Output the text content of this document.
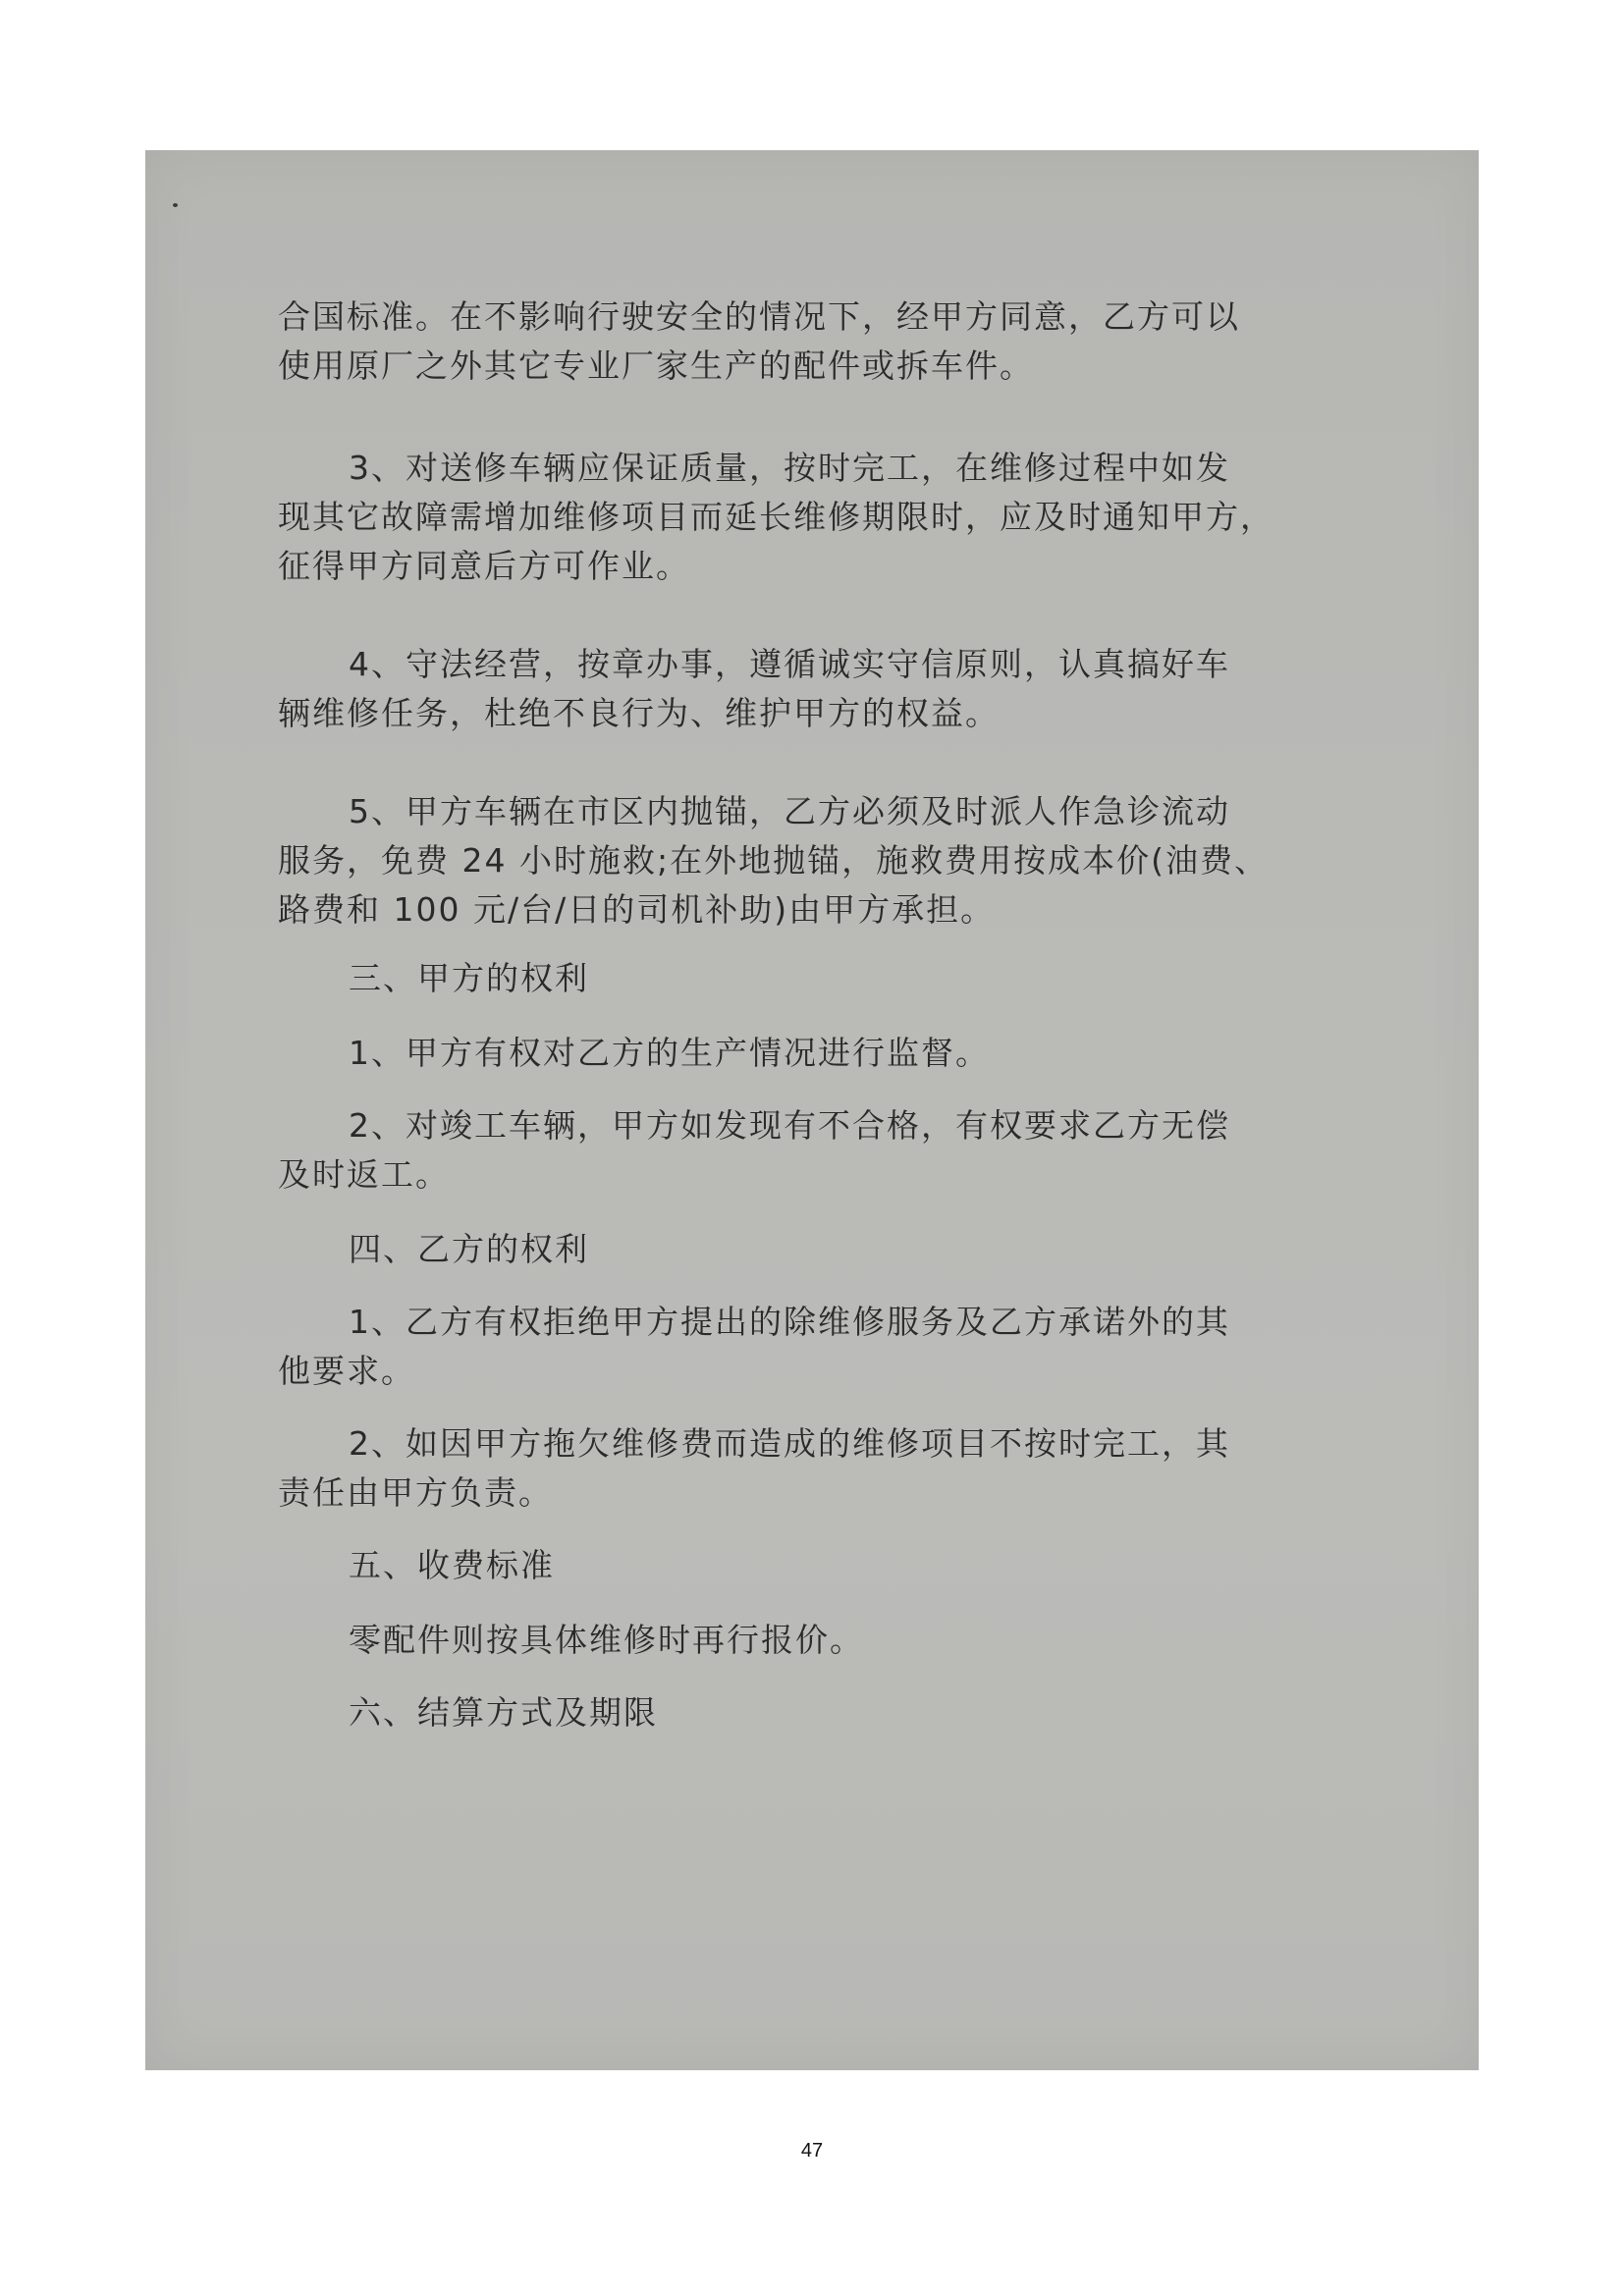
合国标准。在不影响行驶安全的情况下，经甲方同意，乙方可以
使用原厂之外其它专业厂家生产的配件或拆车件。
3、对送修车辆应保证质量，按时完工，在维修过程中如发
现其它故障需增加维修项目而延长维修期限时，应及时通知甲方，
征得甲方同意后方可作业。
4、守法经营，按章办事，遵循诚实守信原则，认真搞好车
辆维修任务，杜绝不良行为、维护甲方的权益。
5、甲方车辆在市区内抛锚，乙方必须及时派人作急诊流动
服务，免费 24 小时施救;在外地抛锚，施救费用按成本价(油费、
路费和 100 元/台/日的司机补助)由甲方承担。
三、甲方的权利
1、甲方有权对乙方的生产情况进行监督。
2、对竣工车辆，甲方如发现有不合格，有权要求乙方无偿
及时返工。
四、乙方的权利
1、乙方有权拒绝甲方提出的除维修服务及乙方承诺外的其
他要求。
2、如因甲方拖欠维修费而造成的维修项目不按时完工，其
责任由甲方负责。
五、收费标准
零配件则按具体维修时再行报价。
六、结算方式及期限
47
